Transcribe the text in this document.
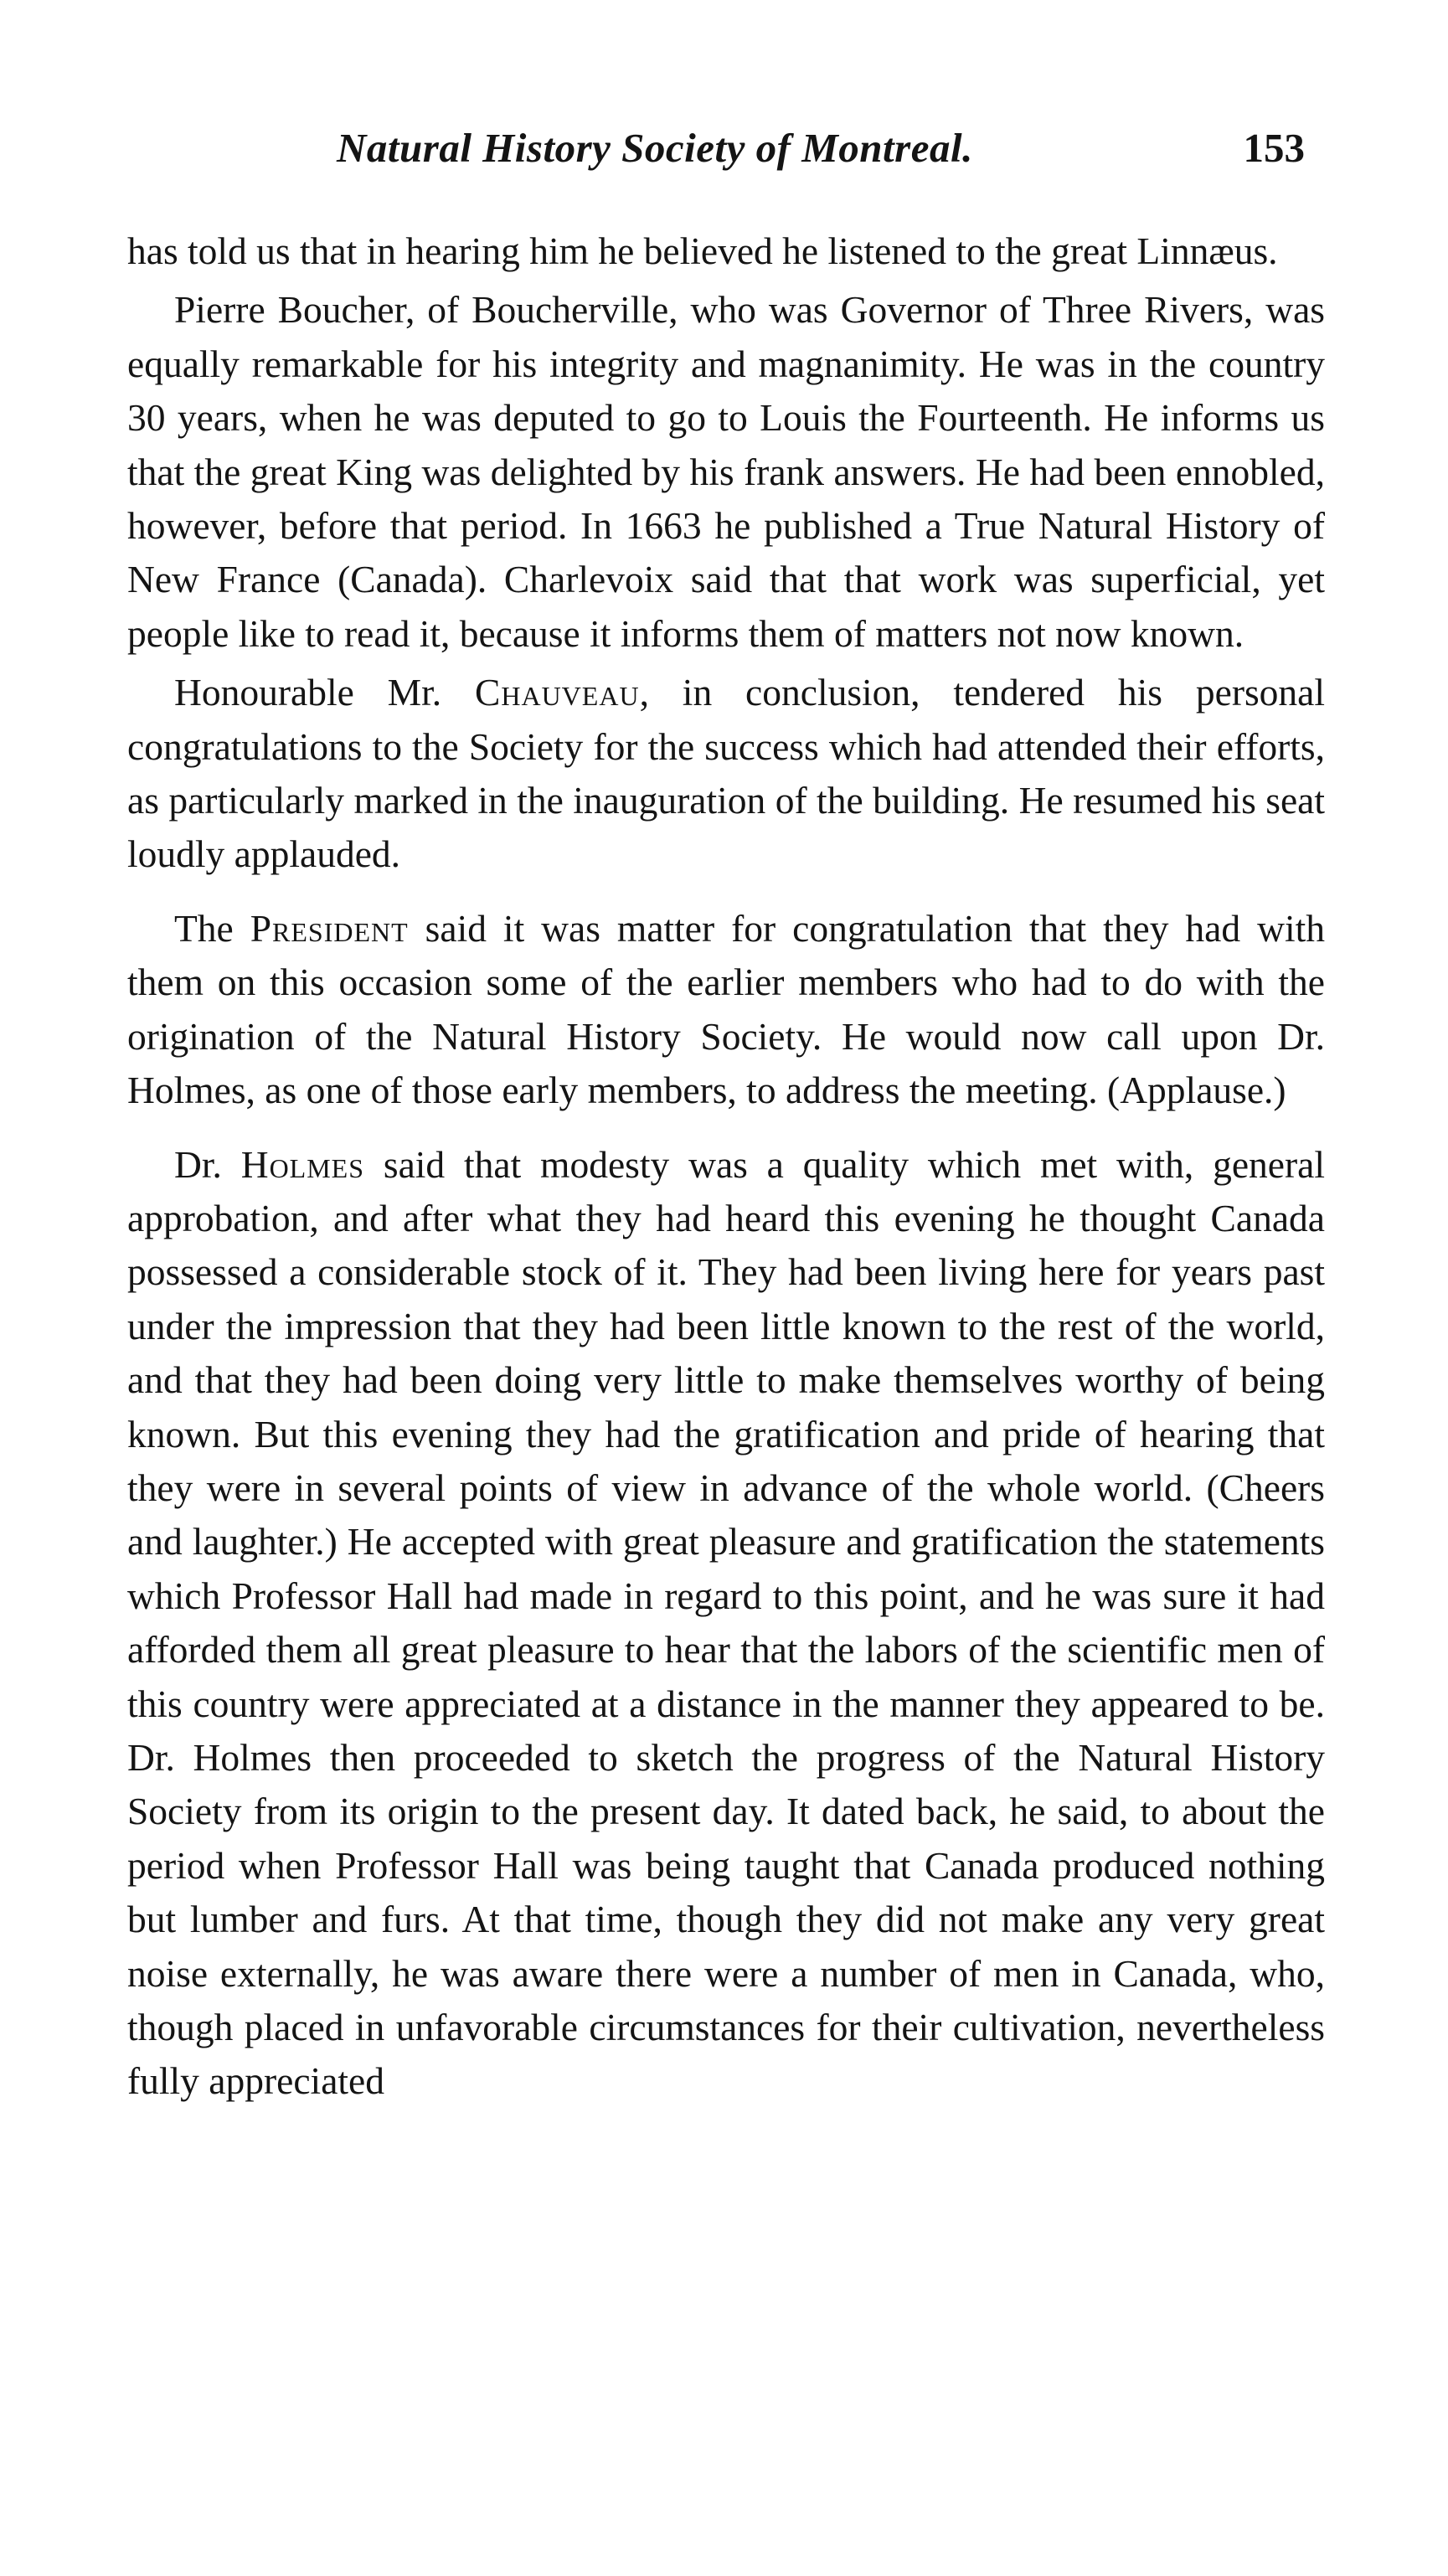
Natural History Society of Montreal.	153

has told us that in hearing him he believed he listened to the great Linnæus.

Pierre Boucher, of Boucherville, who was Governor of Three Rivers, was equally remarkable for his integrity and magnanimity. He was in the country 30 years, when he was deputed to go to Louis the Fourteenth. He informs us that the great King was delighted by his frank answers. He had been ennobled, however, before that period. In 1663 he published a True Natural History of New France (Canada). Charlevoix said that that work was superficial, yet people like to read it, because it informs them of matters not now known.

Honourable Mr. Chauveau, in conclusion, tendered his personal congratulations to the Society for the success which had attended their efforts, as particularly marked in the inauguration of the building. He resumed his seat loudly applauded.

The President said it was matter for congratulation that they had with them on this occasion some of the earlier members who had to do with the origination of the Natural History Society. He would now call upon Dr. Holmes, as one of those early members, to address the meeting. (Applause.)

Dr. Holmes said that modesty was a quality which met with, general approbation, and after what they had heard this evening he thought Canada possessed a considerable stock of it. They had been living here for years past under the impression that they had been little known to the rest of the world, and that they had been doing very little to make themselves worthy of being known. But this evening they had the gratification and pride of hearing that they were in several points of view in advance of the whole world. (Cheers and laughter.) He accepted with great pleasure and gratification the statements which Professor Hall had made in regard to this point, and he was sure it had afforded them all great pleasure to hear that the labors of the scientific men of this country were appreciated at a distance in the manner they appeared to be. Dr. Holmes then proceeded to sketch the progress of the Natural History Society from its origin to the present day. It dated back, he said, to about the period when Professor Hall was being taught that Canada produced nothing but lumber and furs. At that time, though they did not make any very great noise externally, he was aware there were a number of men in Canada, who, though placed in unfavorable circumstances for their cultivation, nevertheless fully appreciated
